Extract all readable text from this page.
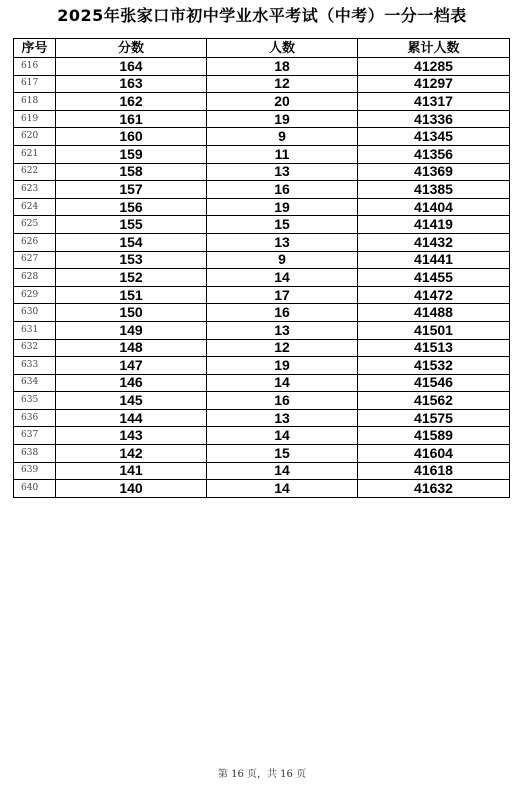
2025年张家口市初中学业水平考试（中考）一分一档表
序号	分数	人数	累计人数
616	164	18	41285
617	163	12	41297
618	162	20	41317
619	161	19	41336
620	160	9	41345
621	159	11	41356
622	158	13	41369
623	157	16	41385
624	156	19	41404
625	155	15	41419
626	154	13	41432
627	153	9	41441
628	152	14	41455
629	151	17	41472
630	150	16	41488
631	149	13	41501
632	148	12	41513
633	147	19	41532
634	146	14	41546
635	145	16	41562
636	144	13	41575
637	143	14	41589
638	142	15	41604
639	141	14	41618
640	140	14	41632
第 16 页，共 16 页
